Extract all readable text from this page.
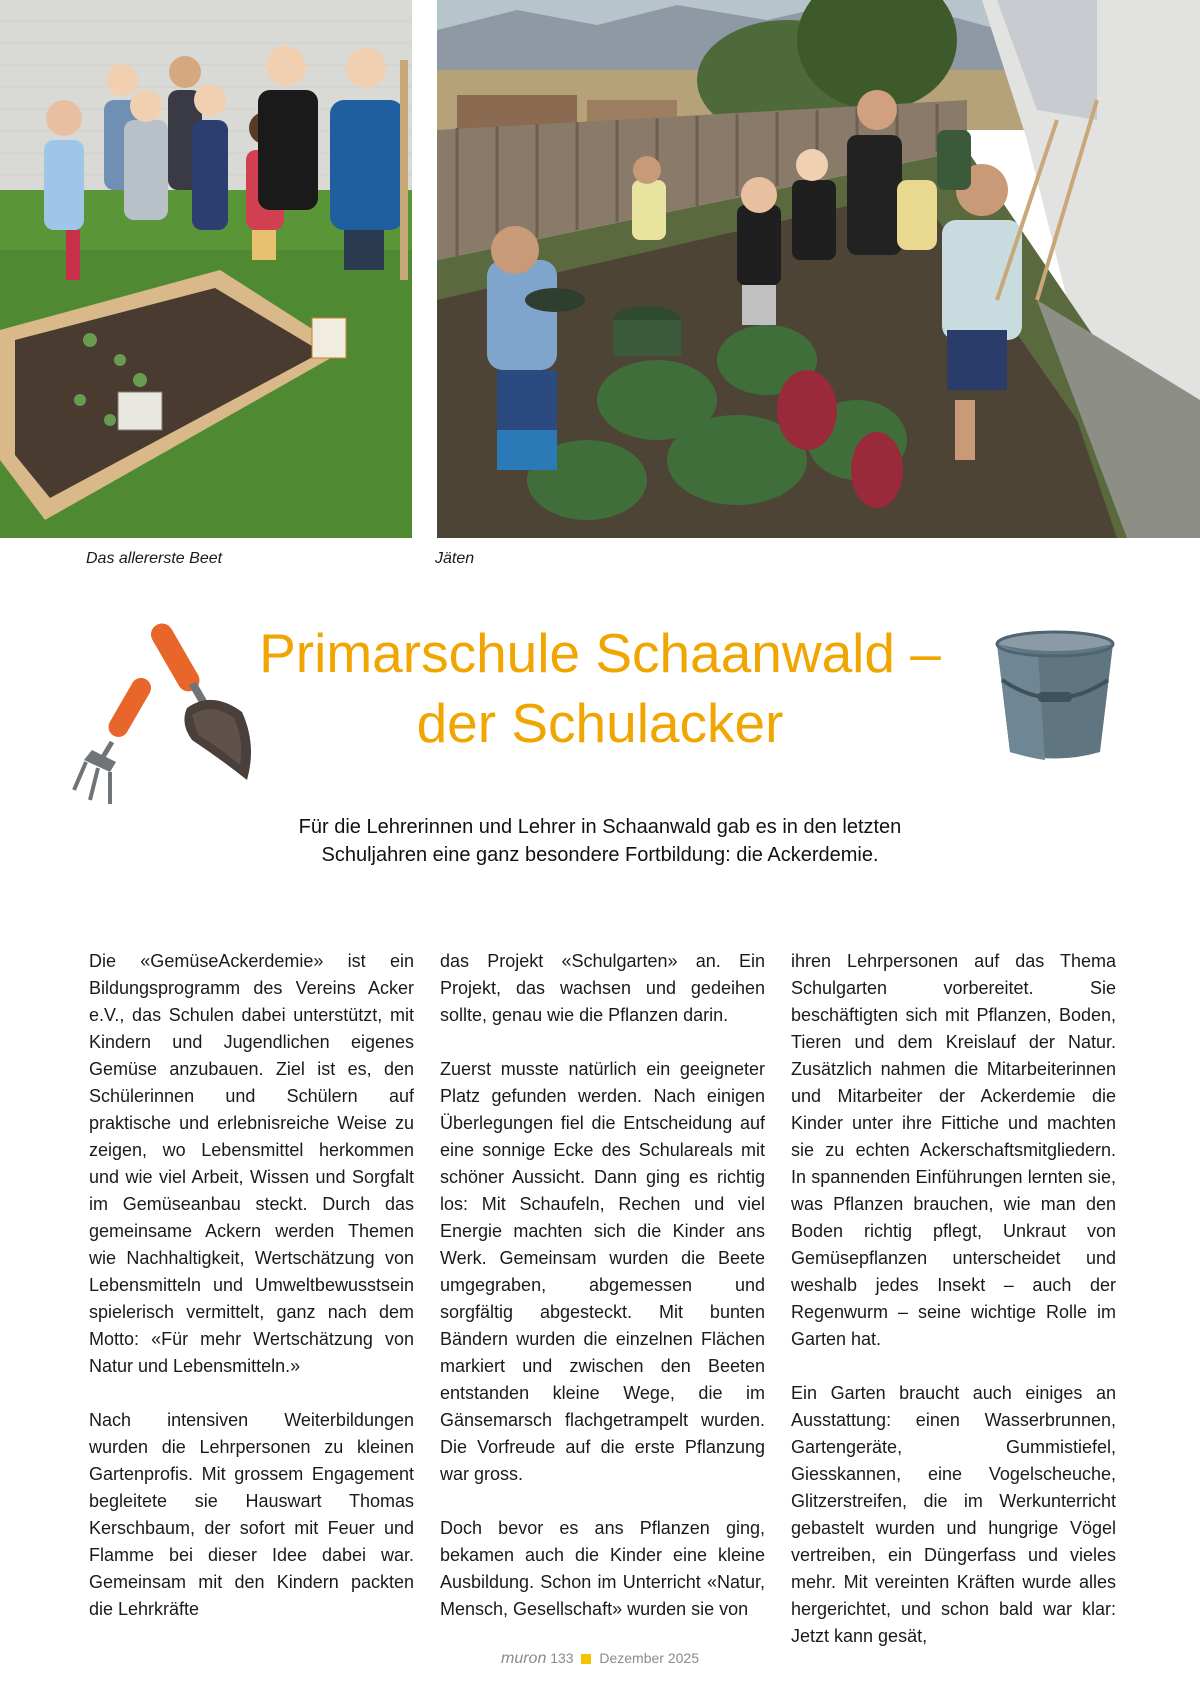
Das allererste Beet	Jäten
Primarschule Schaanwald –
der Schulacker
Für die Lehrerinnen und Lehrer in Schaanwald gab es in den letzten
Schuljahren eine ganz besondere Fortbildung: die Ackerdemie.

Die «GemüseAckerdemie» ist ein Bildungsprogramm des Vereins Acker e.V., das Schulen dabei unterstützt, mit Kindern und Jugendlichen eigenes Gemüse anzubauen. Ziel ist es, den Schülerinnen und Schülern auf praktische und erlebnisreiche Weise zu zeigen, wo Lebensmittel herkommen und wie viel Arbeit, Wissen und Sorgfalt im Gemüseanbau steckt. Durch das gemeinsame Ackern werden Themen wie Nachhaltigkeit, Wertschätzung von Lebensmitteln und Umweltbewusstsein spielerisch vermittelt, ganz nach dem Motto: «Für mehr Wertschätzung von Natur und Lebensmitteln.»

Nach intensiven Weiterbildungen wurden die Lehrpersonen zu kleinen Gartenprofis. Mit grossem Engagement begleitete sie Hauswart Thomas Kerschbaum, der sofort mit Feuer und Flamme bei dieser Idee dabei war. Gemeinsam mit den Kindern packten die Lehrkräfte

das Projekt «Schulgarten» an. Ein Projekt, das wachsen und gedeihen sollte, genau wie die Pflanzen darin.

Zuerst musste natürlich ein geeigneter Platz gefunden werden. Nach einigen Überlegungen fiel die Entscheidung auf eine sonnige Ecke des Schulareals mit schöner Aussicht. Dann ging es richtig los: Mit Schaufeln, Rechen und viel Energie machten sich die Kinder ans Werk. Gemeinsam wurden die Beete umgegraben, abgemessen und sorgfältig abgesteckt. Mit bunten Bändern wurden die einzelnen Flächen markiert und zwischen den Beeten entstanden kleine Wege, die im Gänsemarsch flachgetrampelt wurden. Die Vorfreude auf die erste Pflanzung war gross.

Doch bevor es ans Pflanzen ging, bekamen auch die Kinder eine kleine Ausbildung. Schon im Unterricht «Natur, Mensch, Gesellschaft» wurden sie von

ihren Lehrpersonen auf das Thema Schulgarten vorbereitet. Sie beschäftigten sich mit Pflanzen, Boden, Tieren und dem Kreislauf der Natur. Zusätzlich nahmen die Mitarbeiterinnen und Mitarbeiter der Ackerdemie die Kinder unter ihre Fittiche und machten sie zu echten Ackerschaftsmitgliedern. In spannenden Einführungen lernten sie, was Pflanzen brauchen, wie man den Boden richtig pflegt, Unkraut von Gemüsepflanzen unterscheidet und weshalb jedes Insekt – auch der Regenwurm – seine wichtige Rolle im Garten hat.

Ein Garten braucht auch einiges an Ausstattung: einen Wasserbrunnen, Gartengeräte, Gummistiefel, Giesskannen, eine Vogelscheuche, Glitzerstreifen, die im Werkunterricht gebastelt wurden und hungrige Vögel vertreiben, ein Düngerfass und vieles mehr. Mit vereinten Kräften wurde alles hergerichtet, und schon bald war klar: Jetzt kann gesät,

muron 133 Dezember 2025
